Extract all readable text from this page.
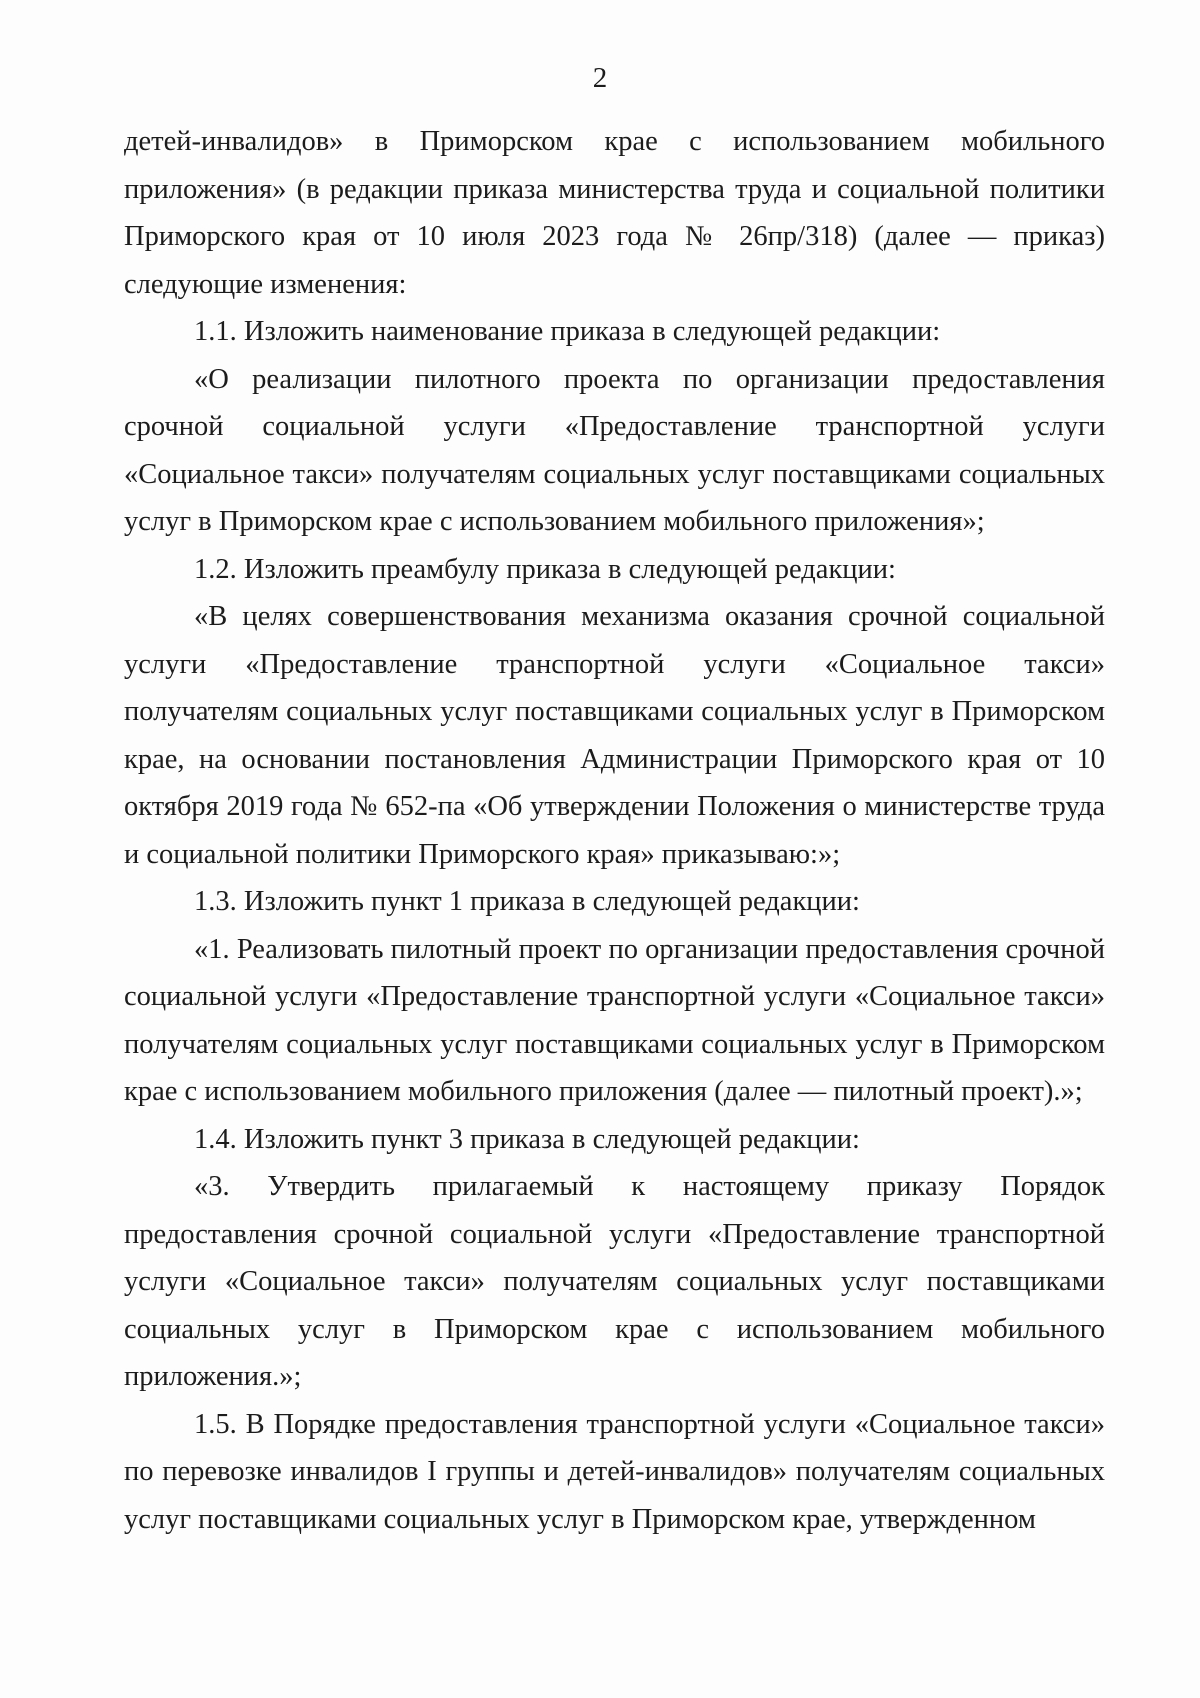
2

детей-инвалидов» в Приморском крае с использованием мобильного приложения» (в редакции приказа министерства труда и социальной политики Приморского края от 10 июля 2023 года № 26пр/318) (далее — приказ) следующие изменения:

1.1. Изложить наименование приказа в следующей редакции:

«О реализации пилотного проекта по организации предоставления срочной социальной услуги «Предоставление транспортной услуги «Социальное такси» получателям социальных услуг поставщиками социальных услуг в Приморском крае с использованием мобильного приложения»;

1.2. Изложить преамбулу приказа в следующей редакции:

«В целях совершенствования механизма оказания срочной социальной услуги «Предоставление транспортной услуги «Социальное такси» получателям социальных услуг поставщиками социальных услуг в Приморском крае, на основании постановления Администрации Приморского края от 10 октября 2019 года № 652-па «Об утверждении Положения о министерстве труда и социальной политики Приморского края» приказываю:»;

1.3. Изложить пункт 1 приказа в следующей редакции:

«1. Реализовать пилотный проект по организации предоставления срочной социальной услуги «Предоставление транспортной услуги «Социальное такси» получателям социальных услуг поставщиками социальных услуг в Приморском крае с использованием мобильного приложения (далее — пилотный проект).»;

1.4. Изложить пункт 3 приказа в следующей редакции:

«3. Утвердить прилагаемый к настоящему приказу Порядок предоставления срочной социальной услуги «Предоставление транспортной услуги «Социальное такси» получателям социальных услуг поставщиками социальных услуг в Приморском крае с использованием мобильного приложения.»;

1.5. В Порядке предоставления транспортной услуги «Социальное такси» по перевозке инвалидов I группы и детей-инвалидов» получателям социальных услуг поставщиками социальных услуг в Приморском крае, утвержденном
